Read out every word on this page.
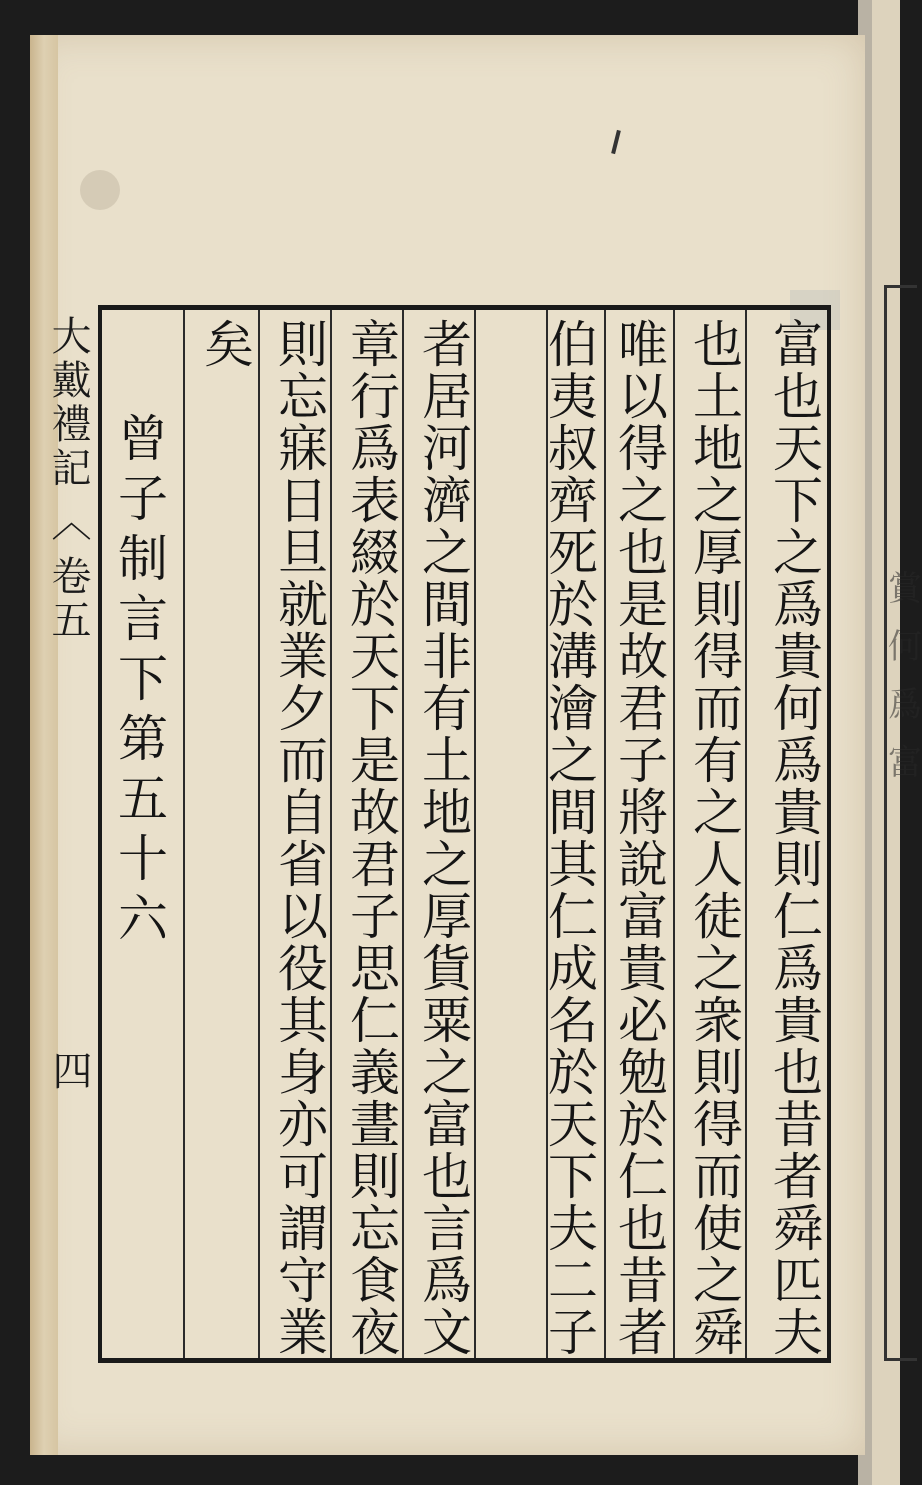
賞何爲富
大戴禮記〈卷五
四
曾子制言下第五十六	富也天下之爲貴何爲貴則仁爲貴也昔者舜匹夫
也土地之厚則得而有之人徒之衆則得而使之舜
唯以得之也是故君子將說富貴必勉於仁也昔者
伯夷叔齊死於溝澮之間其仁成名於天下夫二子
者居河濟之間非有土地之厚貨粟之富也言爲文
章行爲表綴於天下是故君子思仁義晝則忘食夜
則忘寐日旦就業夕而自省以役其身亦可謂守業
矣
